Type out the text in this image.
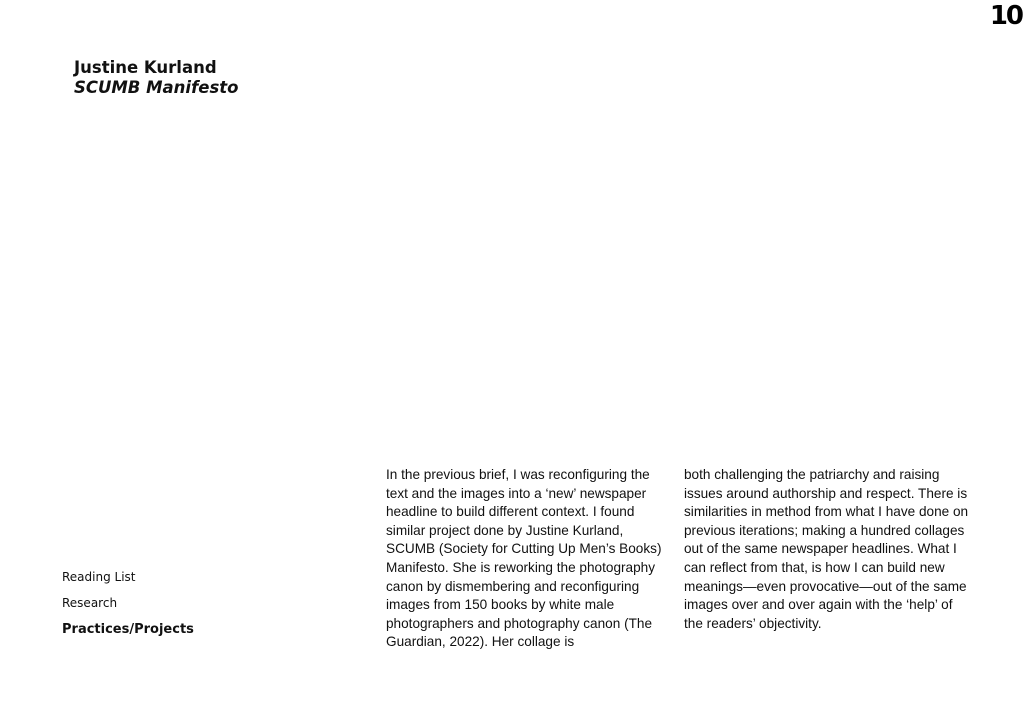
10
Justine Kurland
SCUMB Manifesto
Reading List
Research
Practices/Projects
In the previous brief, I was reconfiguring the text and the images into a ‘new’ newspaper headline to build different context. I found similar project done by Justine Kurland, SCUMB (Society for Cutting Up Men’s Books) Manifesto. She is reworking the photography canon by dismembering and reconfiguring images from 150 books by white male photographers and photography canon (The Guardian, 2022). Her collage is
both challenging the patriarchy and raising issues around authorship and respect. There is similarities in method from what I have done on previous iterations; making a hundred collages out of the same newspaper headlines. What I can reflect from that, is how I can build new meanings—even provocative—out of the same images over and over again with the ‘help’ of the readers’ objectivity.
